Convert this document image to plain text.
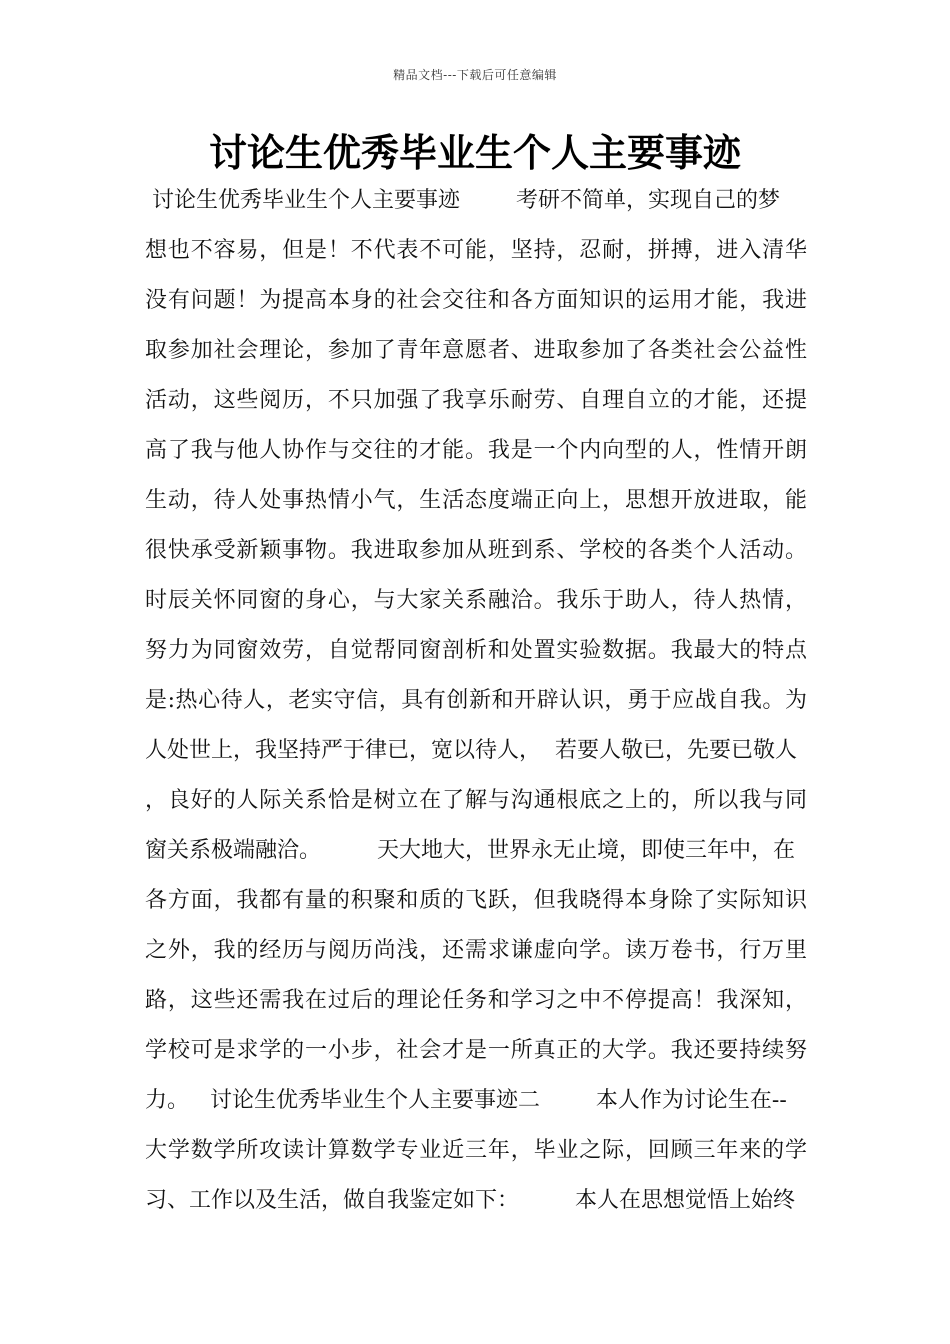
精品文档---下载后可任意编辑
讨论生优秀毕业生个人主要事迹
讨论生优秀毕业生个人主要事迹        考研不简单，实现自己的梦
想也不容易，但是！不代表不可能，坚持，忍耐，拼搏，进入清华
没有问题！为提高本身的社会交往和各方面知识的运用才能，我进
取参加社会理论，参加了青年意愿者、进取参加了各类社会公益性
活动，这些阅历，不只加强了我享乐耐劳、自理自立的才能，还提
高了我与他人协作与交往的才能。我是一个内向型的人，性情开朗
生动，待人处事热情小气，生活态度端正向上，思想开放进取，能
很快承受新颖事物。我进取参加从班到系、学校的各类个人活动。
时辰关怀同窗的身心，与大家关系融洽。我乐于助人，待人热情，
努力为同窗效劳，自觉帮同窗剖析和处置实验数据。我最大的特点
是:热心待人，老实守信，具有创新和开辟认识，勇于应战自我。为
人处世上，我坚持严于律已，宽以待人，  若要人敬已，先要已敬人
，良好的人际关系恰是树立在了解与沟通根底之上的，所以我与同
窗关系极端融洽。        天大地大，世界永无止境，即使三年中，在
各方面，我都有量的积聚和质的飞跃，但我晓得本身除了实际知识
之外，我的经历与阅历尚浅，还需求谦虚向学。读万卷书，行万里
路，这些还需我在过后的理论任务和学习之中不停提高！我深知，
学校可是求学的一小步，社会才是一所真正的大学。我还要持续努
力。   讨论生优秀毕业生个人主要事迹二        本人作为讨论生在--
大学数学所攻读计算数学专业近三年，毕业之际，回顾三年来的学
习、工作以及生活，做自我鉴定如下：        本人在思想觉悟上始终
